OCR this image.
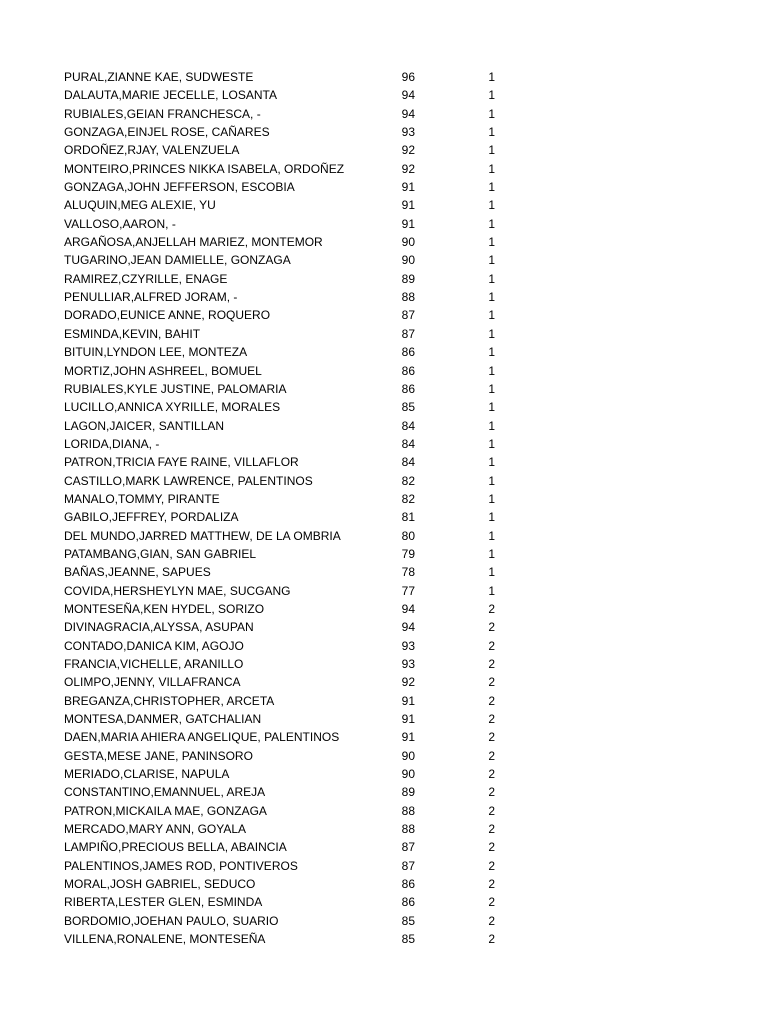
PURAL,ZIANNE KAE, SUDWESTE	96	1
DALAUTA,MARIE JECELLE, LOSANTA	94	1
RUBIALES,GEIAN FRANCHESCA, -	94	1
GONZAGA,EINJEL ROSE, CAÑARES	93	1
ORDOÑEZ,RJAY, VALENZUELA	92	1
MONTEIRO,PRINCES NIKKA ISABELA, ORDOÑEZ	92	1
GONZAGA,JOHN JEFFERSON, ESCOBIA	91	1
ALUQUIN,MEG ALEXIE, YU	91	1
VALLOSO,AARON, -	91	1
ARGAÑOSA,ANJELLAH MARIEZ, MONTEMOR	90	1
TUGARINO,JEAN DAMIELLE, GONZAGA	90	1
RAMIREZ,CZYRILLE, ENAGE	89	1
PENULLIAR,ALFRED JORAM, -	88	1
DORADO,EUNICE ANNE, ROQUERO	87	1
ESMINDA,KEVIN, BAHIT	87	1
BITUIN,LYNDON LEE, MONTEZA	86	1
MORTIZ,JOHN ASHREEL, BOMUEL	86	1
RUBIALES,KYLE JUSTINE, PALOMARIA	86	1
LUCILLO,ANNICA XYRILLE, MORALES	85	1
LAGON,JAICER, SANTILLAN	84	1
LORIDA,DIANA, -	84	1
PATRON,TRICIA FAYE RAINE, VILLAFLOR	84	1
CASTILLO,MARK LAWRENCE, PALENTINOS	82	1
MANALO,TOMMY, PIRANTE	82	1
GABILO,JEFFREY, PORDALIZA	81	1
DEL MUNDO,JARRED MATTHEW, DE LA OMBRIA	80	1
PATAMBANG,GIAN, SAN GABRIEL	79	1
BAÑAS,JEANNE, SAPUES	78	1
COVIDA,HERSHEYLYN MAE, SUCGANG	77	1
MONTESEÑA,KEN HYDEL, SORIZO	94	2
DIVINAGRACIA,ALYSSA, ASUPAN	94	2
CONTADO,DANICA KIM, AGOJO	93	2
FRANCIA,VICHELLE, ARANILLO	93	2
OLIMPO,JENNY, VILLAFRANCA	92	2
BREGANZA,CHRISTOPHER, ARCETA	91	2
MONTESA,DANMER, GATCHALIAN	91	2
DAEN,MARIA AHIERA ANGELIQUE, PALENTINOS	91	2
GESTA,MESE JANE, PANINSORO	90	2
MERIADO,CLARISE, NAPULA	90	2
CONSTANTINO,EMANNUEL, AREJA	89	2
PATRON,MICKAILA MAE, GONZAGA	88	2
MERCADO,MARY ANN, GOYALA	88	2
LAMPIÑO,PRECIOUS BELLA, ABAINCIA	87	2
PALENTINOS,JAMES ROD, PONTIVEROS	87	2
MORAL,JOSH GABRIEL, SEDUCO	86	2
RIBERTA,LESTER GLEN, ESMINDA	86	2
BORDOMIO,JOEHAN PAULO, SUARIO	85	2
VILLENA,RONALENE, MONTESEÑA	85	2
